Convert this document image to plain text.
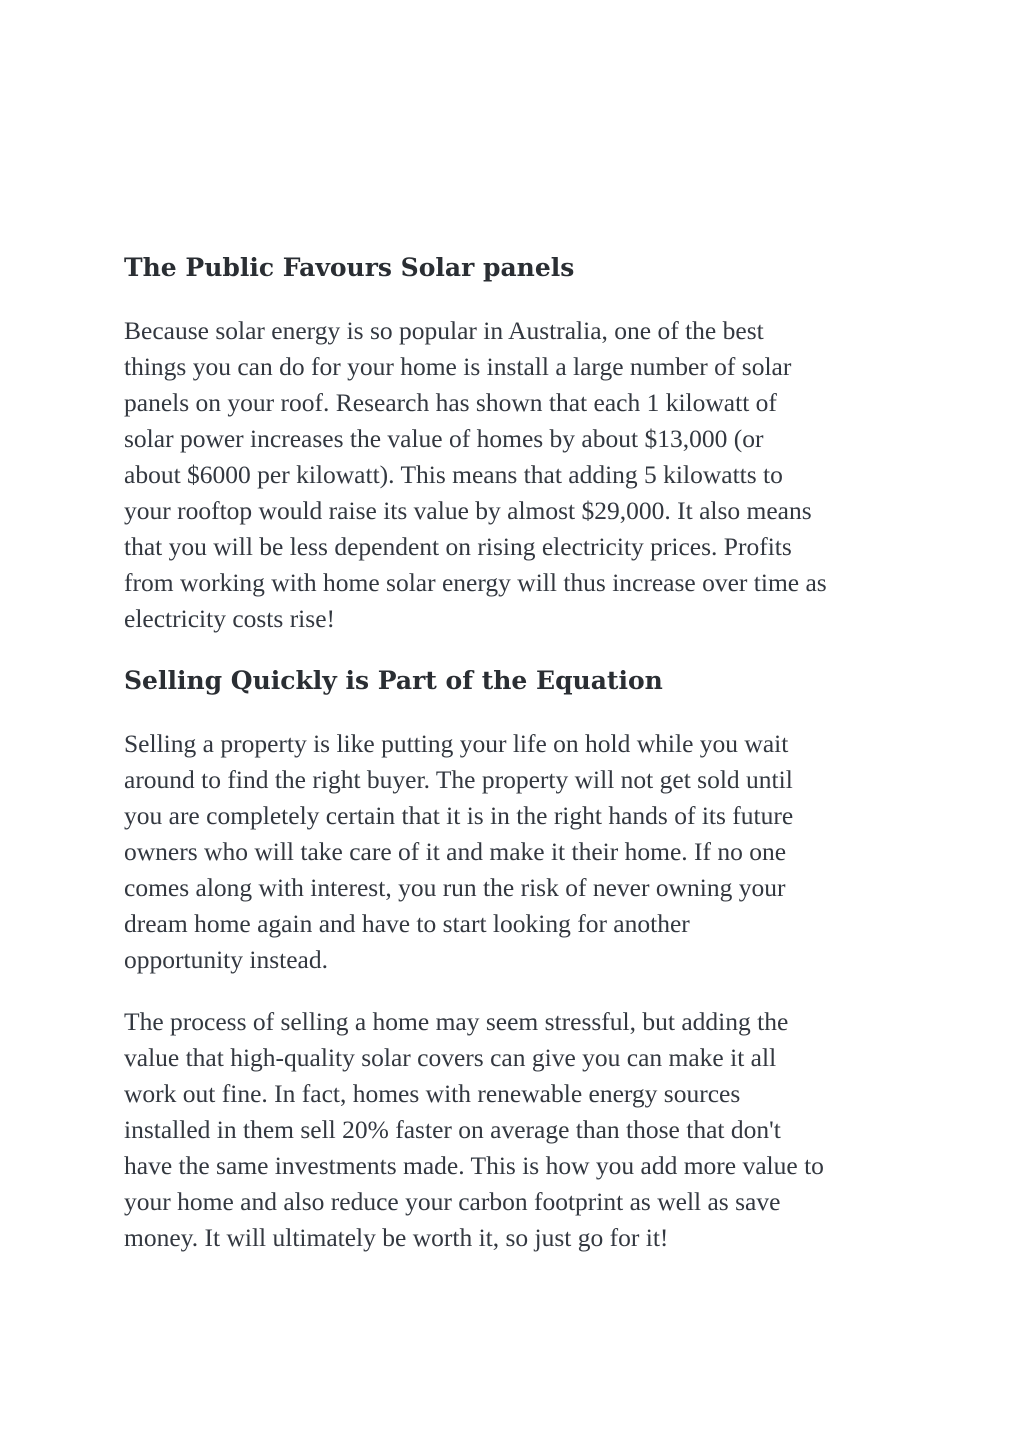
The Public Favours Solar panels

Because solar energy is so popular in Australia, one of the best
things you can do for your home is install a large number of solar
panels on your roof. Research has shown that each 1 kilowatt of
solar power increases the value of homes by about $13,000 (or
about $6000 per kilowatt). This means that adding 5 kilowatts to
your rooftop would raise its value by almost $29,000. It also means
that you will be less dependent on rising electricity prices. Profits
from working with home solar energy will thus increase over time as
electricity costs rise!

Selling Quickly is Part of the Equation

Selling a property is like putting your life on hold while you wait
around to find the right buyer. The property will not get sold until
you are completely certain that it is in the right hands of its future
owners who will take care of it and make it their home. If no one
comes along with interest, you run the risk of never owning your
dream home again and have to start looking for another
opportunity instead.

The process of selling a home may seem stressful, but adding the
value that high-quality solar covers can give you can make it all
work out fine. In fact, homes with renewable energy sources
installed in them sell 20% faster on average than those that don't
have the same investments made. This is how you add more value to
your home and also reduce your carbon footprint as well as save
money. It will ultimately be worth it, so just go for it!
